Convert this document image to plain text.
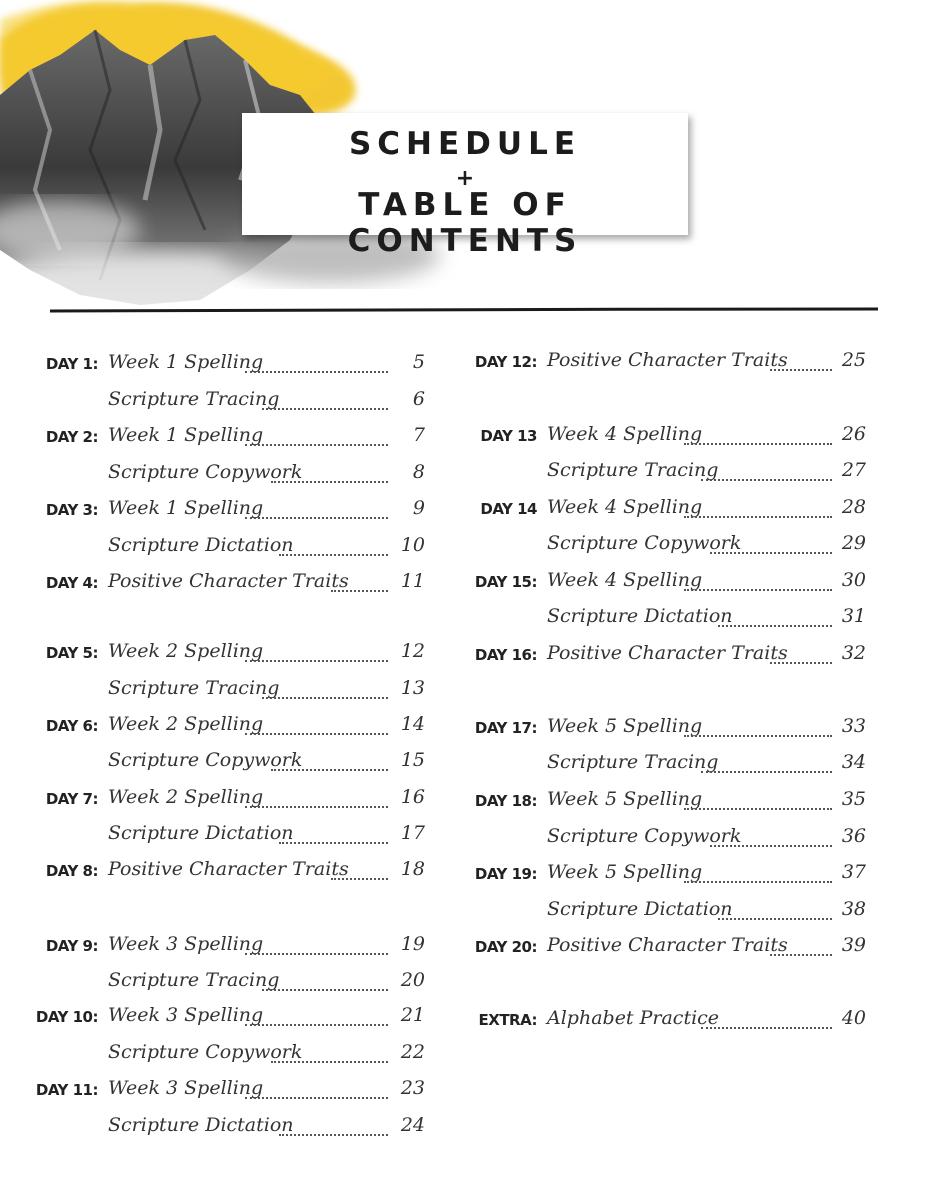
SCHEDULE
+
TABLE OF CONTENTS
DAY 1: Week 1 Spelling	5
Scripture Tracing	6
DAY 2: Week 1 Spelling	7
Scripture Copywork	8
DAY 3: Week 1 Spelling	9
Scripture Dictation	10
DAY 4: Positive Character Traits	11
DAY 5: Week 2 Spelling	12
Scripture Tracing	13
DAY 6: Week 2 Spelling	14
Scripture Copywork	15
DAY 7: Week 2 Spelling	16
Scripture Dictation	17
DAY 8: Positive Character Traits	18
DAY 9: Week 3 Spelling	19
Scripture Tracing	20
DAY 10: Week 3 Spelling	21
Scripture Copywork	22
DAY 11: Week 3 Spelling	23
Scripture Dictation	24
DAY 12: Positive Character Traits	25
DAY 13 Week 4 Spelling	26
Scripture Tracing	27
DAY 14 Week 4 Spelling	28
Scripture Copywork	29
DAY 15: Week 4 Spelling	30
Scripture Dictation	31
DAY 16: Positive Character Traits	32
DAY 17: Week 5 Spelling	33
Scripture Tracing	34
DAY 18: Week 5 Spelling	35
Scripture Copywork	36
DAY 19: Week 5 Spelling	37
Scripture Dictation	38
DAY 20: Positive Character Traits	39
EXTRA: Alphabet Practice	40
